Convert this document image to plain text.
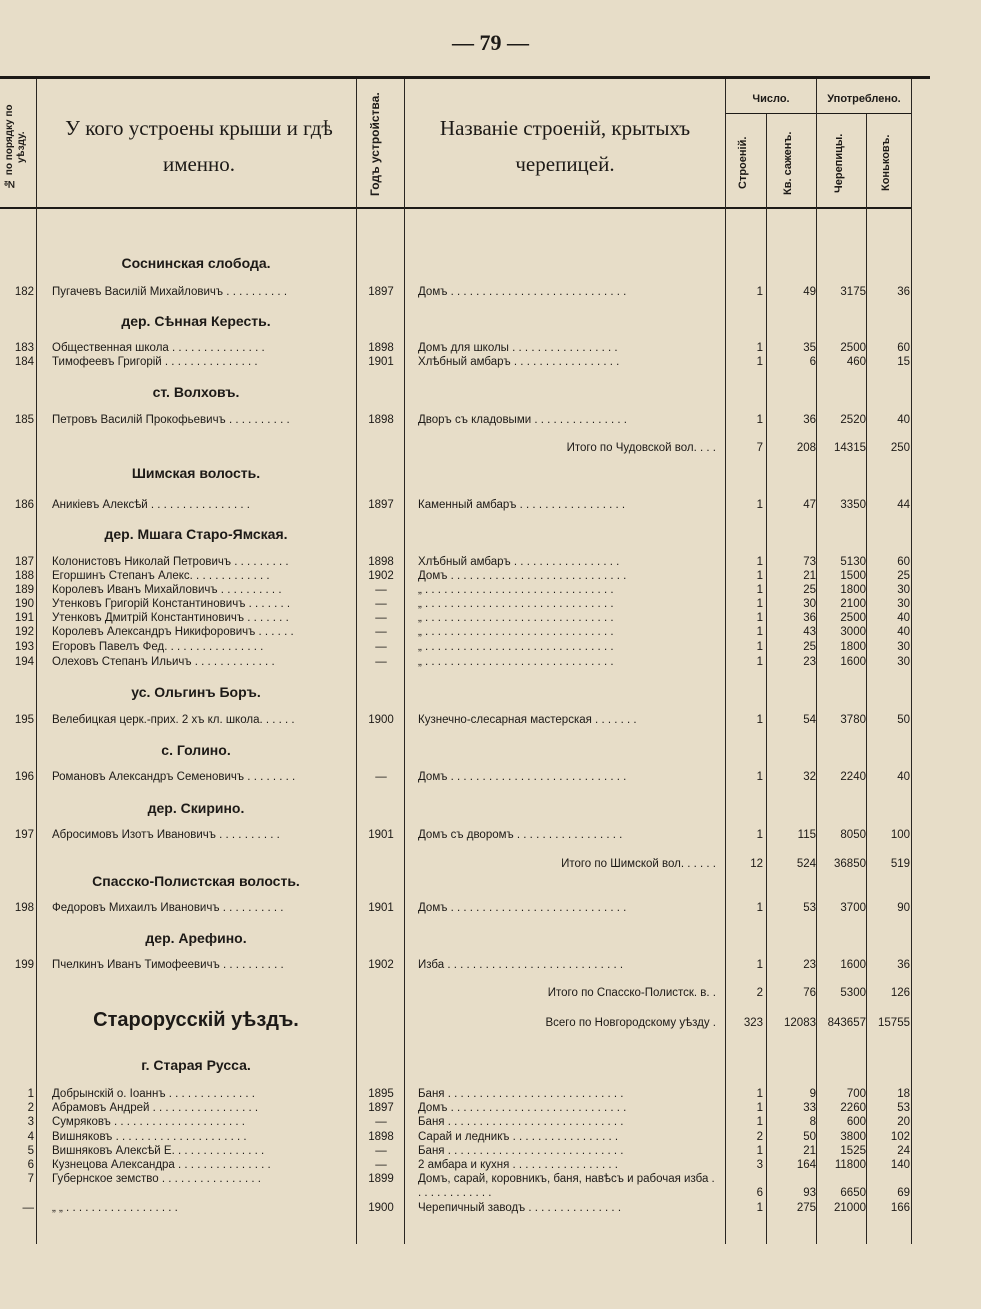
— 79 —
№ по порядку по уѣзду.
У кого устроены крыши и гдѣ именно.	Годъ устройства.	Названіе строеній, крытыхъ черепицей.
Число.	Употреблено.
Строеній.	Кв. саженъ.	Черепицы.	Коньковъ.
Соснинская слобода.
дер. Сѣнная Кересть.
ст. Волховъ.
Шимская волость.
дер. Мшага Старо-Ямская.
ус. Ольгинъ Боръ.
с. Голино.
дер. Скирино.
Спасско-Полистская волость.
дер. Арефино.
Старорусскій уѣздъ.
г. Старая Русса.
182 Пугачевъ Василій Михайловичъ . . . . . . . . . .	1897	Домъ . . . . . . . . . . . . . . . . . . . . . . . . . . . .	1	49	3175	36
183 Общественная школа . . . . . . . . . . . . . . .	1898	Домъ для школы . . . . . . . . . . . . . . . . .	1	35	2500	60
184 Тимофеевъ Григорій . . . . . . . . . . . . . . .	1901	Хлѣбный амбаръ . . . . . . . . . . . . . . . . .	1	6	460	15
185 Петровъ Василій Прокофьевичъ . . . . . . . . . .	1898	Дворъ съ кладовыми . . . . . . . . . . . . . . .	1	36	2520	40
Итого по Чудовской вол. . . .	7	208	14315	250
186 Аникіевъ Алексѣй . . . . . . . . . . . . . . . .	1897	Каменный амбаръ . . . . . . . . . . . . . . . . .	1	47	3350	44
187 Колонистовъ Николай Петровичъ . . . . . . . . .	1898	Хлѣбный амбаръ . . . . . . . . . . . . . . . . .	1	73	5130	60
188 Егоршинъ Степанъ Алекс. . . . . . . . . . . . .	1902	Домъ . . . . . . . . . . . . . . . . . . . . . . . . . . . .	1	21	1500	25
189 Королевъ Иванъ Михайловичъ . . . . . . . . . .	—	„ . . . . . . . . . . . . . . . . . . . . . . . . . . . . . .	1	25	1800	30
190 Утенковъ Григорій Константиновичъ . . . . . . .	—	„ . . . . . . . . . . . . . . . . . . . . . . . . . . . . . .	1	30	2100	30
191 Утенковъ Дмитрій Константиновичъ . . . . . . .	—	„ . . . . . . . . . . . . . . . . . . . . . . . . . . . . . .	1	36	2500	40
192 Королевъ Александръ Никифоровичъ . . . . . .	—	„ . . . . . . . . . . . . . . . . . . . . . . . . . . . . . .	1	43	3000	40
193 Егоровъ Павелъ Фед. . . . . . . . . . . . . . . .	—	„ . . . . . . . . . . . . . . . . . . . . . . . . . . . . . .	1	25	1800	30
194 Олеховъ Степанъ Ильичъ . . . . . . . . . . . . .	—	„ . . . . . . . . . . . . . . . . . . . . . . . . . . . . . .	1	23	1600	30
195 Велебицкая церк.-прих. 2 хъ кл. школа. . . . . .	1900	Кузнечно-слесарная мастерская . . . . . . .	1	54	3780	50
196 Романовъ Александръ Семеновичъ . . . . . . . .	—	Домъ . . . . . . . . . . . . . . . . . . . . . . . . . . . .	1	32	2240	40
197 Абросимовъ Изотъ Ивановичъ . . . . . . . . . .	1901	Домъ съ дворомъ . . . . . . . . . . . . . . . . .	1	115	8050	100
Итого по Шимской вол. . . . . .	12	524	36850	519
198 Федоровъ Михаилъ Ивановичъ . . . . . . . . . .	1901	Домъ . . . . . . . . . . . . . . . . . . . . . . . . . . . .	1	53	3700	90
199 Пчелкинъ Иванъ Тимофеевичъ . . . . . . . . . .	1902	Изба . . . . . . . . . . . . . . . . . . . . . . . . . . . .	1	23	1600	36
Итого по Спасско-Полистск. в. .	2	76	5300	126
Всего по Новгородскому уѣзду .	323	12083	843657	15755
1 Добрынскій о. Іоаннъ . . . . . . . . . . . . . .	1895	Баня . . . . . . . . . . . . . . . . . . . . . . . . . . . .	1	9	700	18
2 Абрамовъ Андрей . . . . . . . . . . . . . . . . .	1897	Домъ . . . . . . . . . . . . . . . . . . . . . . . . . . . .	1	33	2260	53
3 Сумряковъ . . . . . . . . . . . . . . . . . . . . .	—	Баня . . . . . . . . . . . . . . . . . . . . . . . . . . . .	1	8	600	20
4 Вишняковъ . . . . . . . . . . . . . . . . . . . . .	1898	Сарай и ледникъ . . . . . . . . . . . . . . . . .	2	50	3800	102
5 Вишняковъ Алексѣй Е. . . . . . . . . . . . . . .	—	Баня . . . . . . . . . . . . . . . . . . . . . . . . . . . .	1	21	1525	24
6 Кузнецова Александра . . . . . . . . . . . . . . .	—	2 амбара и кухня . . . . . . . . . . . . . . . . .	3	164	11800	140
7 Губернское земство . . . . . . . . . . . . . . . .	1899	Домъ, сарай, коровникъ, баня, навѣсъ и рабочая изба . . . . . . . . . . . . .	6	93	6650	69
— „ „ . . . . . . . . . . . . . . . . . .	1900	Черепичный заводъ . . . . . . . . . . . . . . .	1	275	21000	166
